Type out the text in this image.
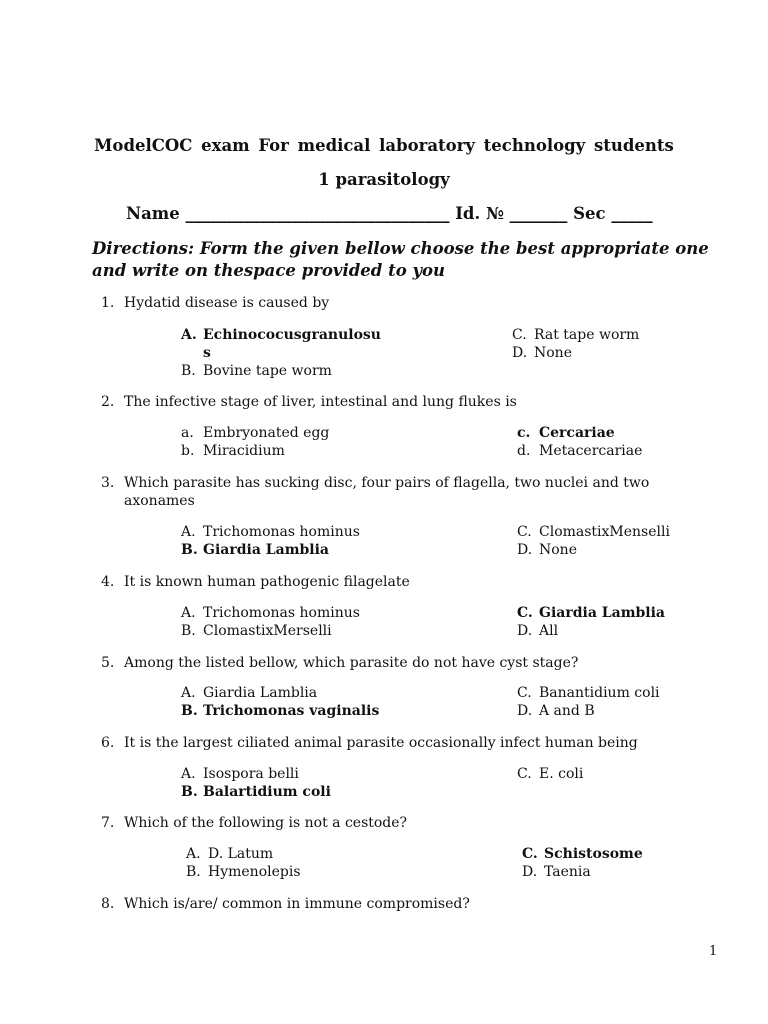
ModelCOC exam For medical laboratory technology students
1 parasitology
Name ________________________________ Id. № _______ Sec _____
Directions: Form the given bellow choose the best appropriate one and write on thespace provided to you
1. Hydatid disease is caused by
A. Echinococusgranulosu
s
B. Bovine tape worm
C. Rat tape worm
D. None
2. The infective stage of liver, intestinal and lung flukes is
a. Embryonated egg
b. Miracidium
c. Cercariae
d. Metacercariae
3. Which parasite has sucking disc, four pairs of flagella, two nuclei and two axonames
A. Trichomonas hominus
B. Giardia Lamblia
C. ClomastixMenselli
D. None
4. It is known human pathogenic filagelate
A. Trichomonas hominus
B. ClomastixMerselli
C. Giardia Lamblia
D. All
5. Among the listed bellow, which parasite do not have cyst stage?
A. Giardia Lamblia
B. Trichomonas vaginalis
C. Banantidium coli
D. A and B
6. It is the largest ciliated animal parasite occasionally infect human being
A. Isospora belli
B. Balartidium coli
C. E. coli
7. Which of the following is not a cestode?
A. D. Latum
B. Hymenolepis
C. Schistosome
D. Taenia
8. Which is/are/ common in immune compromised?
1
